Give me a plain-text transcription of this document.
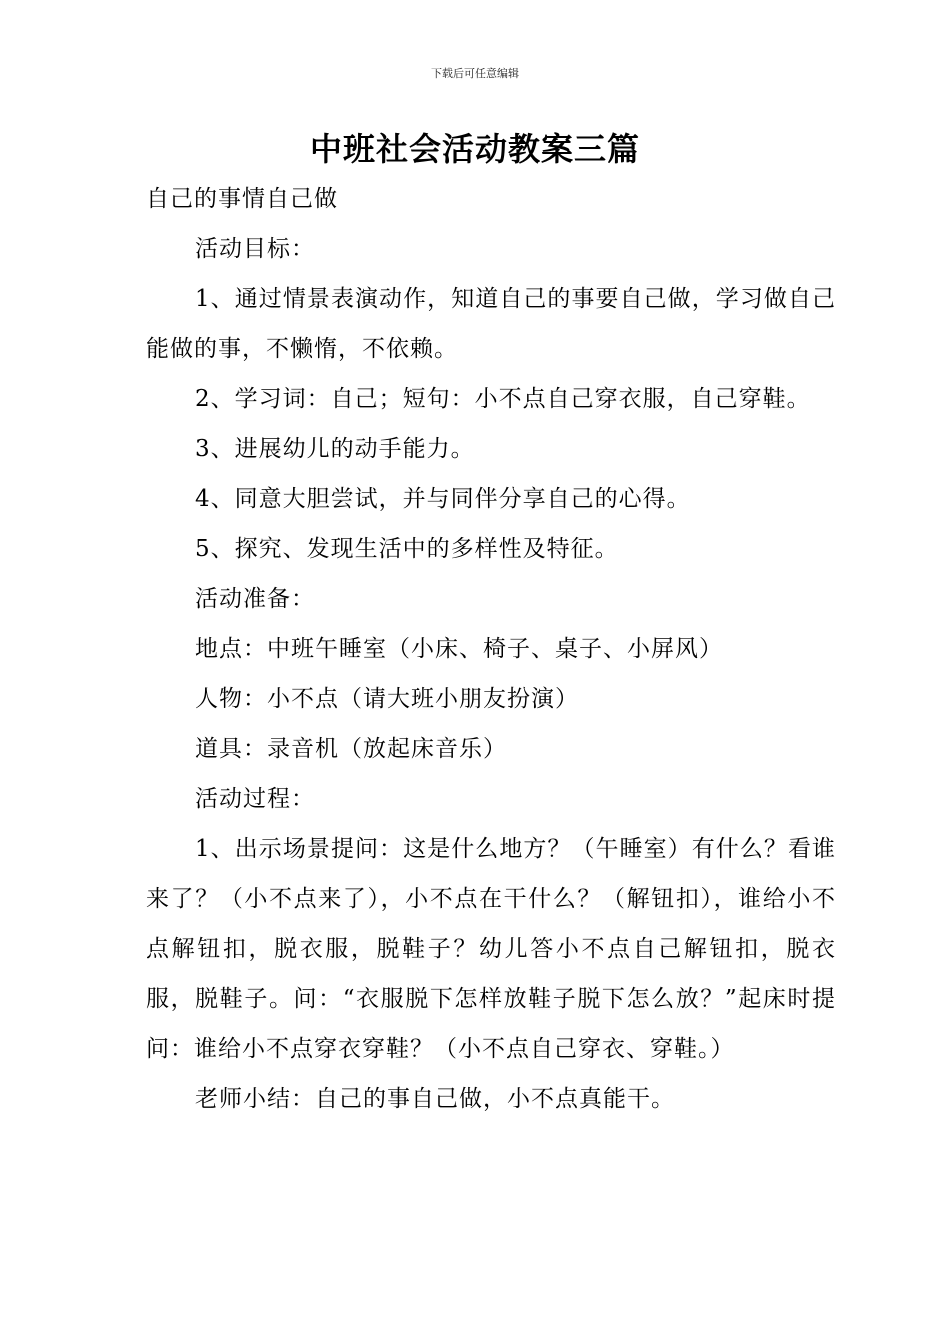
下载后可任意编辑
中班社会活动教案三篇

自己的事情自己做

活动目标：

1、通过情景表演动作，知道自己的事要自己做，学习做自己能做的事，不懒惰，不依赖。

2、学习词：自己；短句：小不点自己穿衣服，自己穿鞋。

3、进展幼儿的动手能力。

4、同意大胆尝试，并与同伴分享自己的心得。

5、探究、发现生活中的多样性及特征。

活动准备：

地点：中班午睡室（小床、椅子、桌子、小屏风）

人物：小不点（请大班小朋友扮演）

道具：录音机（放起床音乐）

活动过程：

1、出示场景提问：这是什么地方？（午睡室）有什么？看谁来了？（小不点来了），小不点在干什么？（解钮扣），谁给小不点解钮扣，脱衣服，脱鞋子？幼儿答小不点自己解钮扣，脱衣服，脱鞋子。问：“衣服脱下怎样放鞋子脱下怎么放？”起床时提问：谁给小不点穿衣穿鞋？（小不点自己穿衣、穿鞋。）

老师小结：自己的事自己做，小不点真能干。
